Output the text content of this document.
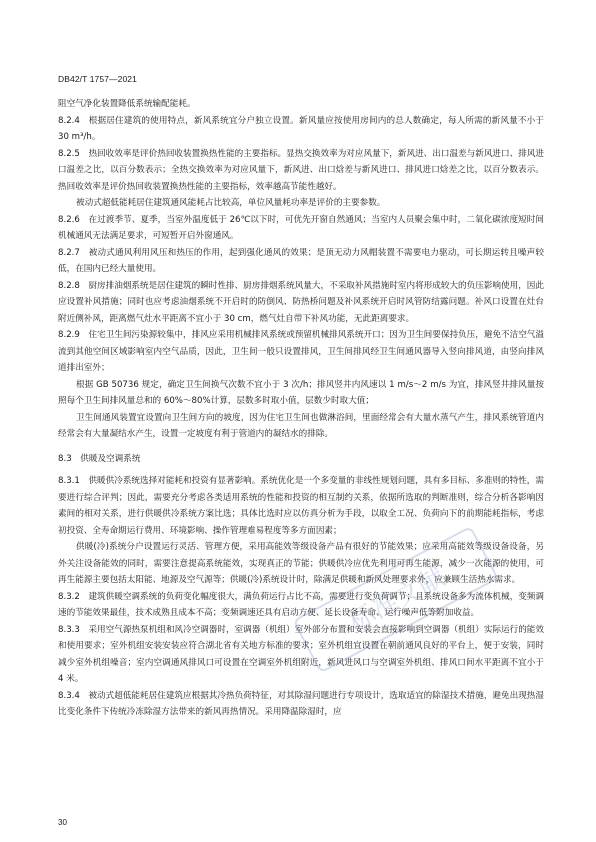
DB42/T 1757—2021

阻空气净化装置降低系统输配能耗。

8.2.4　根据居住建筑的使用特点，新风系统宜分户独立设置。新风量应按使用房间内的总人数确定，每人所需的新风量不小于 30 m³/h。

8.2.5　热回收效率是评价热回收装置换热性能的主要指标。显热交换效率为对应风量下，新风进、出口温差与新风进口、排风进口温差之比，以百分数表示；全热交换效率为对应风量下，新风进、出口焓差与新风进口、排风进口焓差之比，以百分数表示。热回收效率是评价热回收装置换热性能的主要指标，效率越高节能性越好。

被动式超低能耗居住建筑通风能耗占比较高，单位风量耗功率是评价的主要参数。

8.2.6　在过渡季节、夏季，当室外温度低于 26℃以下时，可优先开窗自然通风；当室内人员聚会集中时，二氧化碳浓度短时间机械通风无法满足要求，可短暂开启外窗通风。

8.2.7　被动式通风利用风压和热压的作用，起到强化通风的效果；是顶无动力风帽装置不需要电力驱动，可长期运转且噪声较低，在国内已经大量使用。

8.2.8　厨房排油烟系统是居住建筑的瞬时性排、厨房排烟系统风量大，不采取补风措施时室内将形成较大的负压影响使用，因此应设置补风措施；同时也应考虑油烟系统不开启时的防倒风、防热桥问题及补风系统开启时风管防结露问题。补风口设置在灶台附近侧补风，距离燃气灶水平距离不宜小于 30 cm，燃气灶自带下补风功能，无此距离要求。

8.2.9　住宅卫生间污染源较集中，排风应采用机械排风系统或预留机械排风系统开口；因为卫生间要保持负压，避免不洁空气溢流到其他空间区域影响室内空气品质，因此，卫生间一般只设置排风，卫生间排风经卫生间通风器导入竖向排风道，由竖向排风道排出室外；

根据 GB 50736 规定，确定卫生间换气次数不宜小于 3 次/h；排风竖井内风速以 1 m/s～2 m/s 为宜，排风竖井排风量按照每个卫生间排风量总和的 60%～80%计算，层数多时取小值，层数少时取大值；

卫生间通风装置宜设置向卫生间方向的坡度，因为住宅卫生间也做淋浴间，里面经常会有大量水蒸气产生，排风系统管道内经常会有大量凝结水产生，设置一定坡度有利于管道内的凝结水的排除。

8.3　供暖及空调系统

8.3.1　供暖供冷系统选择对能耗和投资有显著影响。系统优化是一个多变量的非线性规划问题，具有多目标、多准则的特性，需要进行综合评判；因此，需要充分考虑各类适用系统的性能和投资的相互制约关系，依据所选取的判断准则，综合分析各影响因素间的相对关系，进行供暖供冷系统方案比选；具体比选时应以仿真分析为手段，以取全工况、负荷向下的前期能耗指标，考虑初投资、全寿命期运行费用、环境影响、操作管理难易程度等多方面因素；

供暖(冷)系统分户设置运行灵活、管理方便，采用高能效等级设备产品有很好的节能效果；应采用高能效等级设备设备，另外关注设备能效的同时，需要注意提高系统能效，实现真正的节能；供暖供冷应优先利用可再生能源，减少一次能源的使用，可再生能源主要包括太阳能、地源及空气源等；供暖(冷)系统设计时，除满足供暖和新风处理要求外，应兼顾生活热水需求。

8.3.2　建筑供暖空调系统的负荷变化幅度很大，满负荷运行占比不高，需要进行变负荷调节；且系统设备多为流体机械，变频调速的节能效果最佳，技术成熟且成本不高；变频调速还具有启动方便、延长设备寿命、运行噪声低等附加收益。

8.3.3　采用空气源热泵机组和风冷空调器时，室调器（机组）室外部分布置和安装会直接影响到空调器（机组）实际运行的能效和使用要求；室外机组安装安装应符合湖北省有关地方标准的要求；室外机组宜设置在朝前通风良好的平台上，便于安装，同时减少室外机组噪音；室内空调通风排风口可设置在空调室外机组附近，新风进风口与空调室外机组、排风口间水平距离不宜小于 4 米。

8.3.4　被动式超低能耗居住建筑应根据其冷热负荷特征，对其除湿问题进行专项设计，选取适宜的除湿技术措施，避免出现热湿比变化条件下传统冷冻除湿方法带来的新风再热情况。采用降温除湿时，应

30
标准文献
